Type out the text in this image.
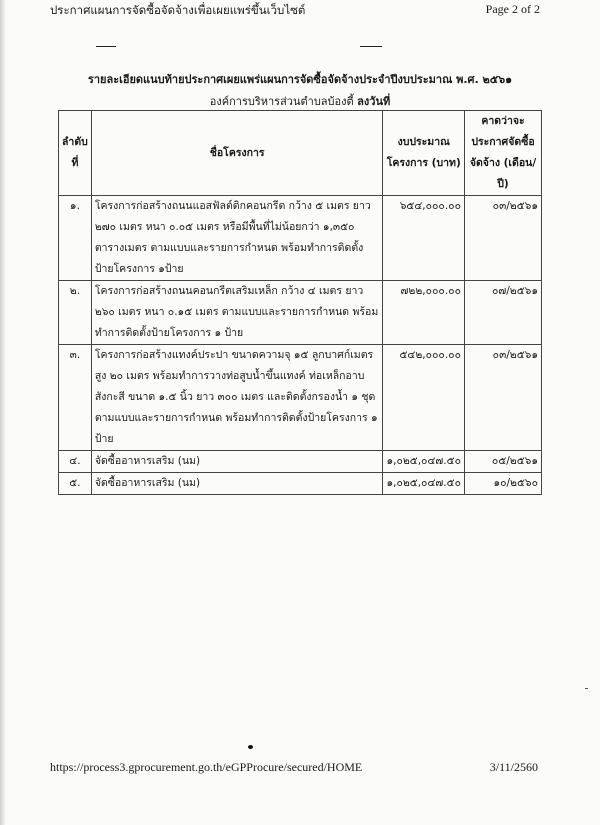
ประกาศแผนการจัดซื้อจัดจ้างเพื่อเผยแพร่ขึ้นเว็บไซต์	Page 2 of 2
รายละเอียดแนบท้ายประกาศเผยแพร่แผนการจัดซื้อจัดจ้างประจำปีงบประมาณ พ.ศ. ๒๕๖๑
องค์การบริหารส่วนตำบลบ้องตี้ ลงวันที่
ลำดับ ที่	ชื่อโครงการ	งบประมาณ โครงการ (บาท)	คาดว่าจะ ประกาศจัดซื้อ จัดจ้าง (เดือน/ปี)
๑.	โครงการก่อสร้างถนนแอสฟัลต์ติกคอนกรีต กว้าง ๕ เมตร ยาว ๒๗๐ เมตร หนา ๐.๐๕ เมตร หรือมีพื้นที่ไม่น้อยกว่า ๑,๓๕๐ ตารางเมตร ตามแบบและรายการกำหนด พร้อมทำการติดตั้งป้ายโครงการ ๑ป้าย	๖๕๔,๐๐๐.๐๐	๐๓/๒๕๖๑
๒.	โครงการก่อสร้างถนนคอนกรีตเสริมเหล็ก กว้าง ๔ เมตร ยาว ๒๖๐ เมตร หนา ๐.๑๕ เมตร ตามแบบและรายการกำหนด พร้อมทำการติดตั้งป้ายโครงการ ๑ ป้าย	๗๒๒,๐๐๐.๐๐	๐๗/๒๕๖๑
๓.	โครงการก่อสร้างแทงค์ประปา ขนาดความจุ ๑๕ ลูกบาศก์เมตร สูง ๒๐ เมตร พร้อมทำการวางท่อสูบน้ำขึ้นแทงค์ ท่อเหล็กอาบสังกะสี ขนาด ๑.๕ นิ้ว ยาว ๓๐๐ เมตร และติดตั้งกรองน้ำ ๑ ชุด ตามแบบและรายการกำหนด พร้อมทำการติดตั้งป้ายโครงการ ๑ ป้าย	๕๔๒,๐๐๐.๐๐	๐๓/๒๕๖๑
๔.	จัดซื้ออาหารเสริม (นม)	๑,๐๒๕,๐๔๗.๕๐	๐๕/๒๕๖๑
๕.	จัดซื้ออาหารเสริม (นม)	๑,๐๒๕,๐๔๗.๕๐	๑๐/๒๕๖๐
https://process3.gprocurement.go.th/eGPProcure/secured/HOME	3/11/2560
